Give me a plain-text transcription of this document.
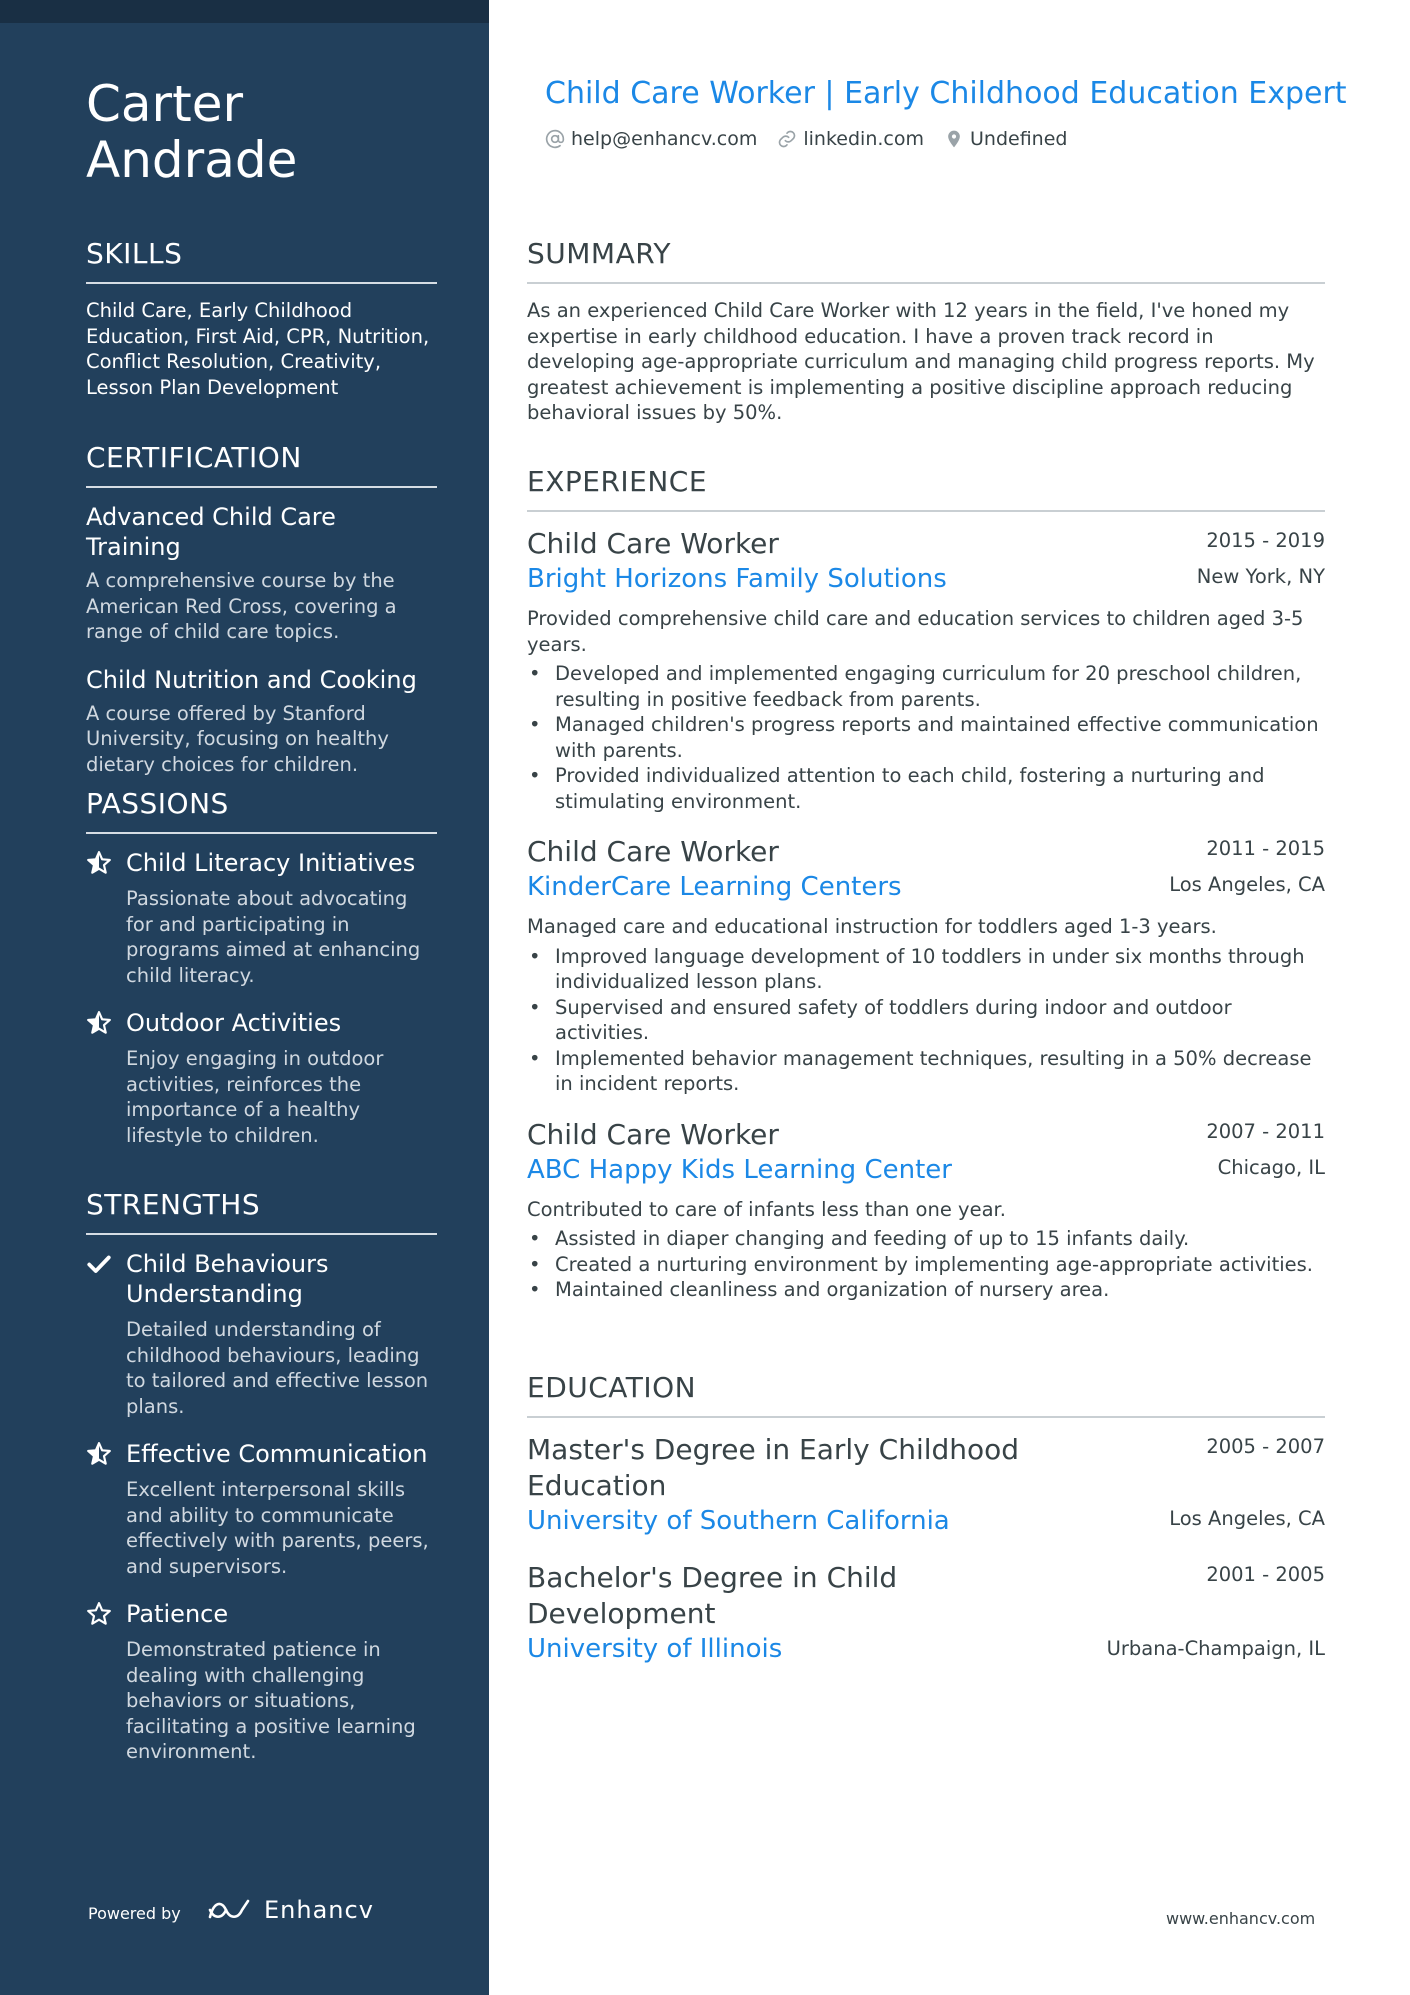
Carter Andrade
SKILLS
Child Care, Early Childhood Education, First Aid, CPR, Nutrition, Conflict Resolution, Creativity, Lesson Plan Development
CERTIFICATION
Advanced Child Care Training
A comprehensive course by the American Red Cross, covering a range of child care topics.
Child Nutrition and Cooking
A course offered by Stanford University, focusing on healthy dietary choices for children.
PASSIONS
Child Literacy Initiatives
Passionate about advocating for and participating in programs aimed at enhancing child literacy.
Outdoor Activities
Enjoy engaging in outdoor activities, reinforces the importance of a healthy lifestyle to children.
STRENGTHS
Child Behaviours Understanding
Detailed understanding of childhood behaviours, leading to tailored and effective lesson plans.
Effective Communication
Excellent interpersonal skills and ability to communicate effectively with parents, peers, and supervisors.
Patience
Demonstrated patience in dealing with challenging behaviors or situations, facilitating a positive learning environment.
Powered by	Enhancv
Child Care Worker | Early Childhood Education Expert
help@enhancv.com linkedin.com Undefined
SUMMARY
As an experienced Child Care Worker with 12 years in the field, I've honed my expertise in early childhood education. I have a proven track record in developing age-appropriate curriculum and managing child progress reports. My greatest achievement is implementing a positive discipline approach reducing behavioral issues by 50%.
EXPERIENCE
Child Care Worker	2015 - 2019
Bright Horizons Family Solutions	New York, NY
Provided comprehensive child care and education services to children aged 3-5 years.
• Developed and implemented engaging curriculum for 20 preschool children, resulting in positive feedback from parents.
• Managed children's progress reports and maintained effective communication with parents.
• Provided individualized attention to each child, fostering a nurturing and stimulating environment.
Child Care Worker	2011 - 2015
KinderCare Learning Centers	Los Angeles, CA
Managed care and educational instruction for toddlers aged 1-3 years.
• Improved language development of 10 toddlers in under six months through individualized lesson plans.
• Supervised and ensured safety of toddlers during indoor and outdoor activities.
• Implemented behavior management techniques, resulting in a 50% decrease in incident reports.
Child Care Worker	2007 - 2011
ABC Happy Kids Learning Center	Chicago, IL
Contributed to care of infants less than one year.
• Assisted in diaper changing and feeding of up to 15 infants daily.
• Created a nurturing environment by implementing age-appropriate activities.
• Maintained cleanliness and organization of nursery area.
EDUCATION
Master's Degree in Early Childhood Education
2005 - 2007
University of Southern California	Los Angeles, CA
Bachelor's Degree in Child Development
2001 - 2005
University of Illinois	Urbana-Champaign, IL
www.enhancv.com
